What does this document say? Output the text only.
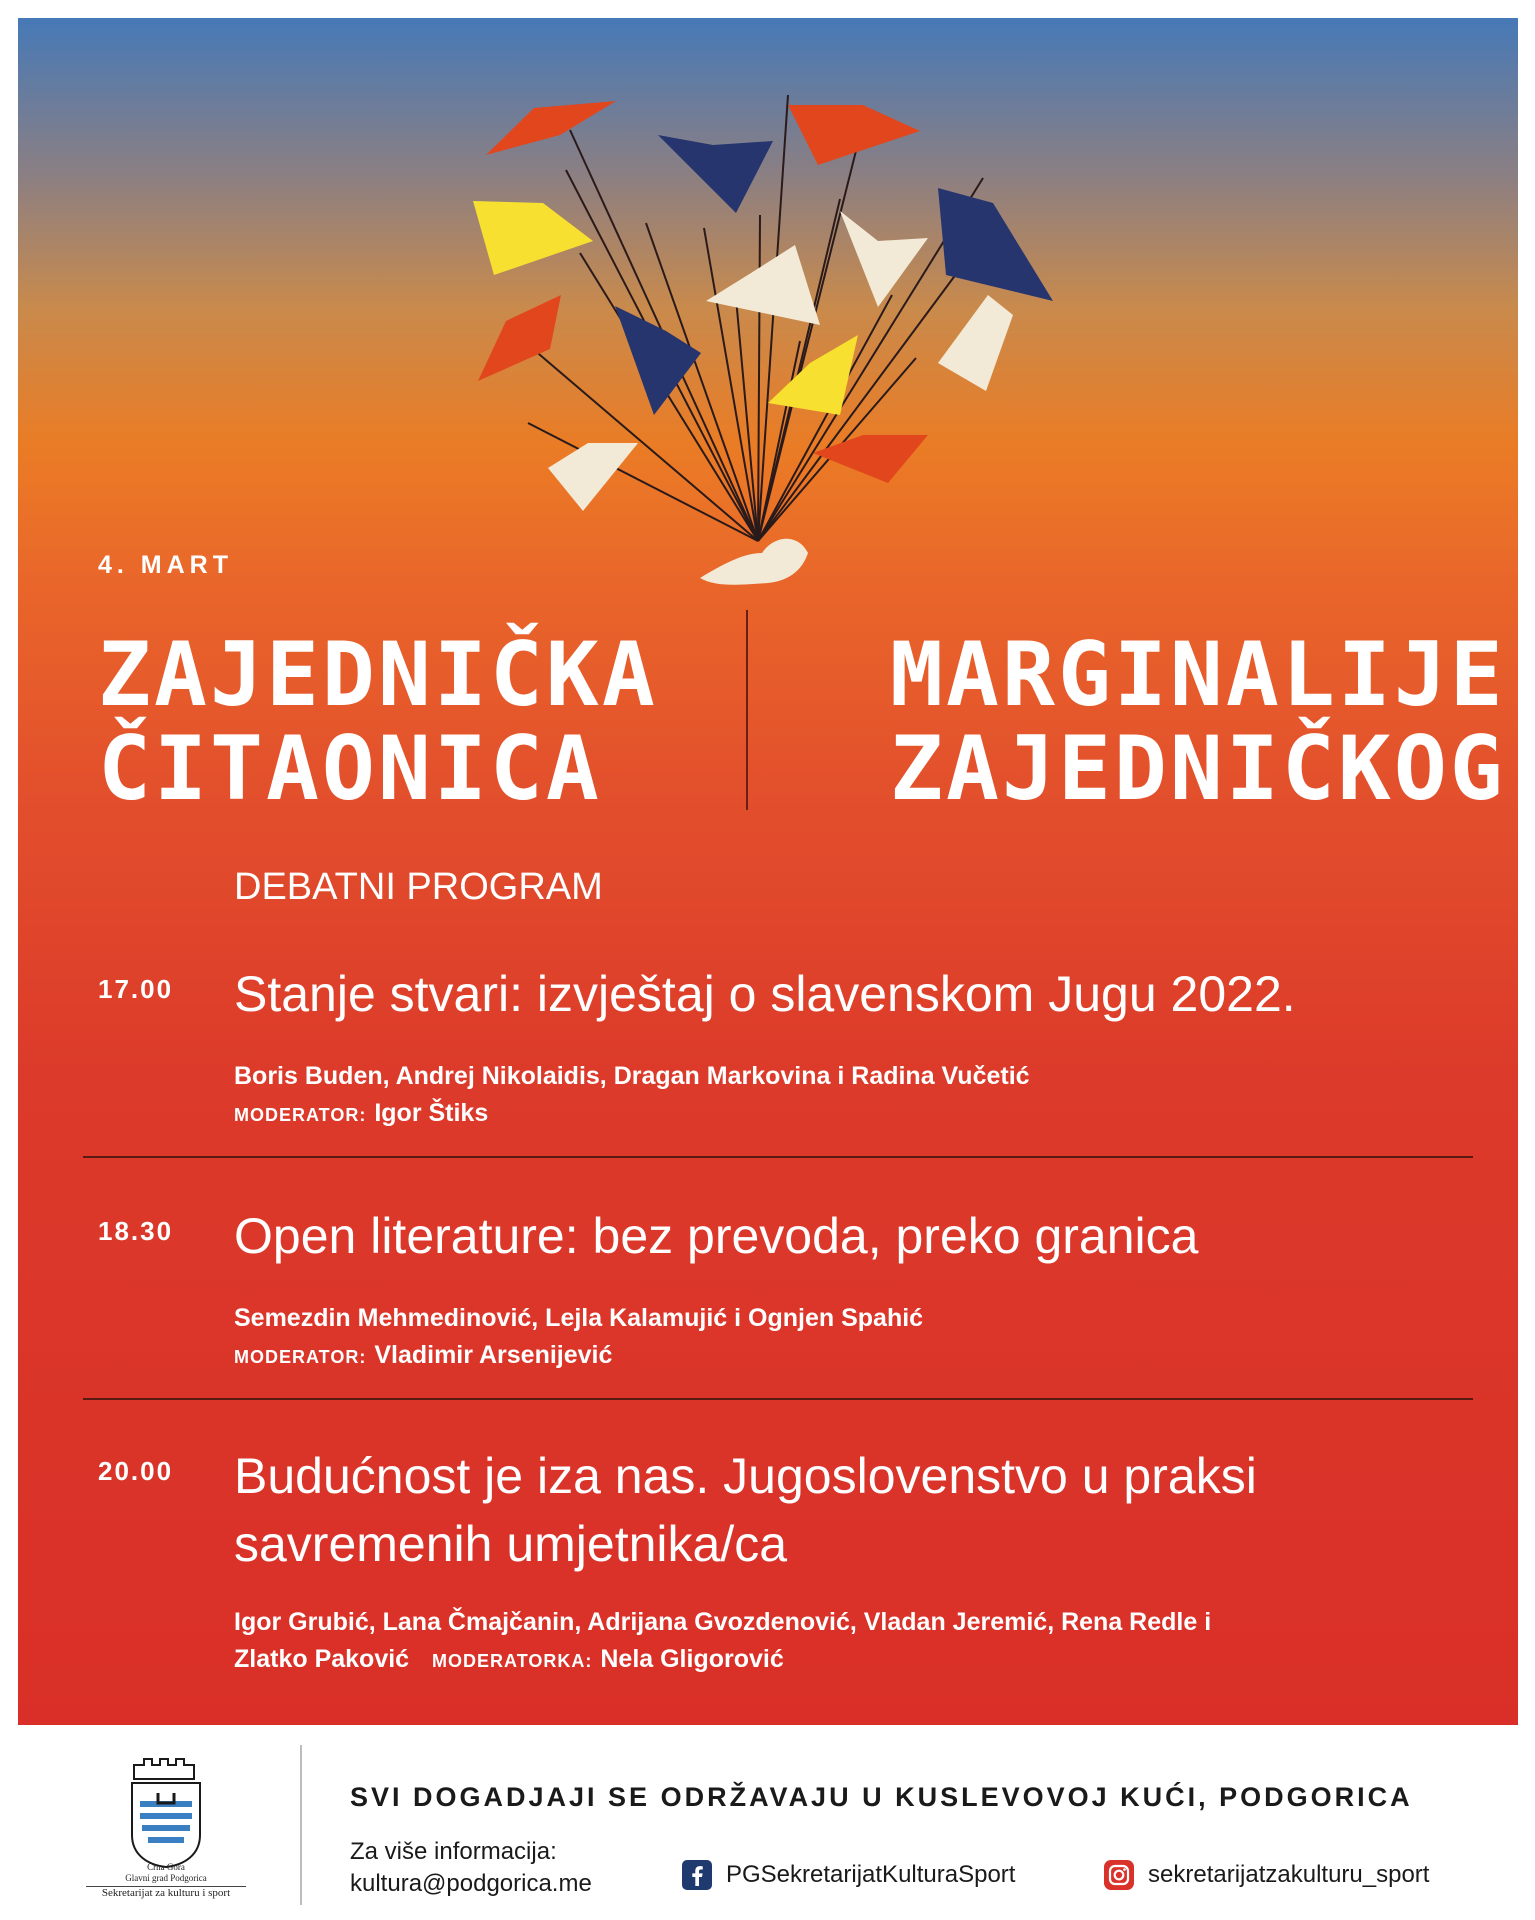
4. MART
ZAJEDNIČKA
ČITAONICA
MARGINALIJE
ZAJEDNIČKOG
DEBATNI PROGRAM
17.00 Stanje stvari: izvještaj o slavenskom Jugu 2022.
Boris Buden, Andrej Nikolaidis, Dragan Markovina i Radina Vučetić
MODERATOR: Igor Štiks
18.30 Open literature: bez prevoda, preko granica
Semezdin Mehmedinović, Lejla Kalamujić i Ognjen Spahić
MODERATOR: Vladimir Arsenijević
20.00 Budućnost je iza nas. Jugoslovenstvo u praksi savremenih umjetnika/ca
Igor Grubić, Lana Čmajčanin, Adrijana Gvozdenović, Vladan Jeremić, Rena Redle i
Zlatko Paković MODERATORKA: Nela Gligorović
Crna Gora
Glavni grad Podgorica
Sekretarijat za kulturu i sport
SVI DOGADJAJI SE ODRŽAVAJU U KUSLEVOVOJ KUĆI, PODGORICA
Za više informacija:
kultura@podgorica.me	PGSekretarijatKulturaSport	sekretarijatzakulturu_sport
